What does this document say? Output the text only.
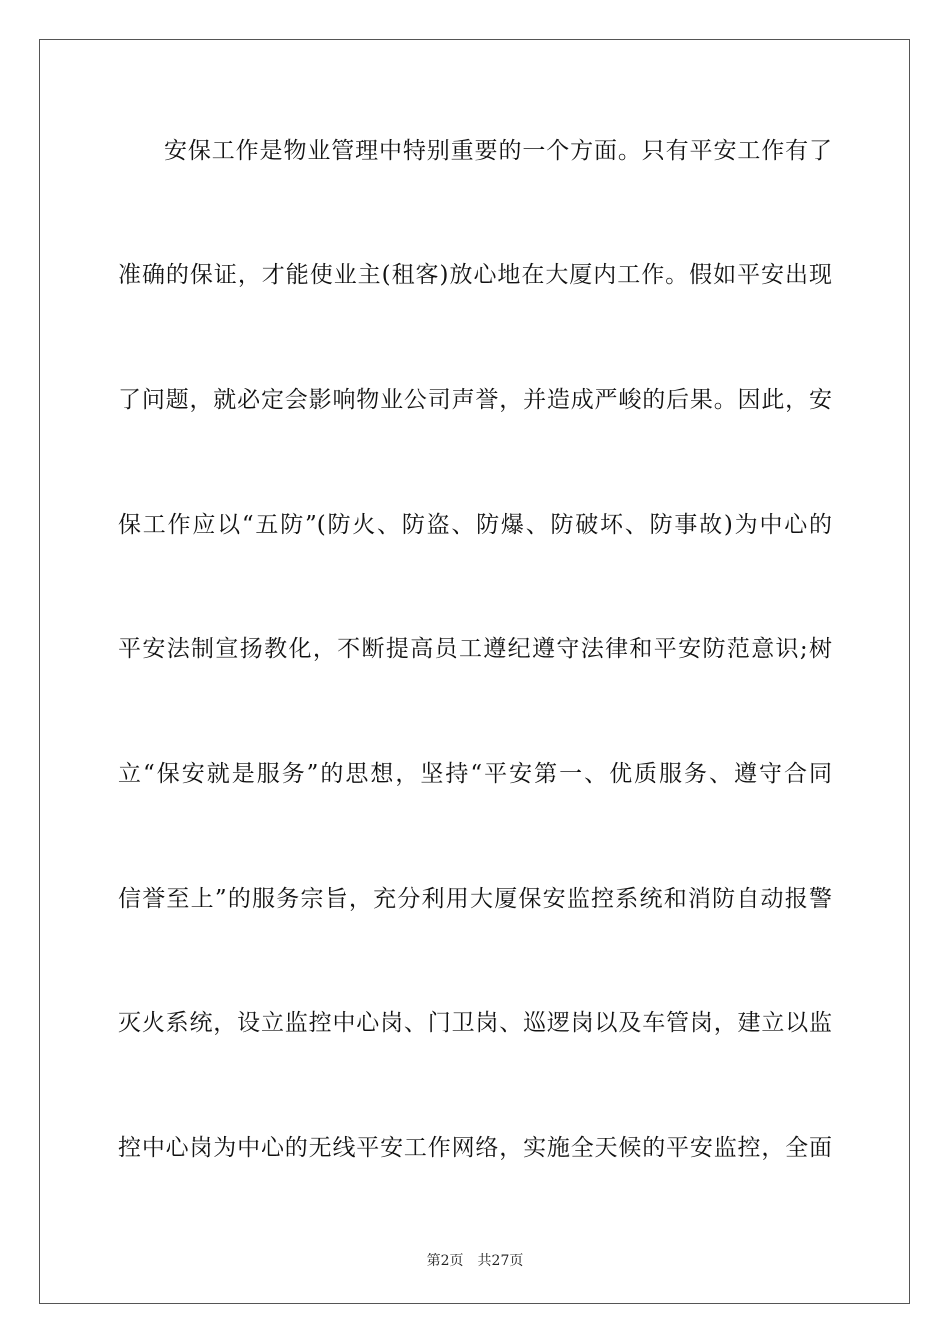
安保工作是物业管理中特别重要的一个方面。只有平安工作有了
准确的保证，才能使业主(租客)放心地在大厦内工作。假如平安出现
了问题，就必定会影响物业公司声誉，并造成严峻的后果。因此，安
保工作应以“五防”(防火、防盗、防爆、防破坏、防事故)为中心的
平安法制宣扬教化，不断提高员工遵纪遵守法律和平安防范意识;树
立“保安就是服务”的思想，坚持“平安第一、优质服务、遵守合同
信誉至上”的服务宗旨，充分利用大厦保安监控系统和消防自动报警
灭火系统，设立监控中心岗、门卫岗、巡逻岗以及车管岗，建立以监
控中心岗为中心的无线平安工作网络，实施全天候的平安监控，全面
第2页　共27页
